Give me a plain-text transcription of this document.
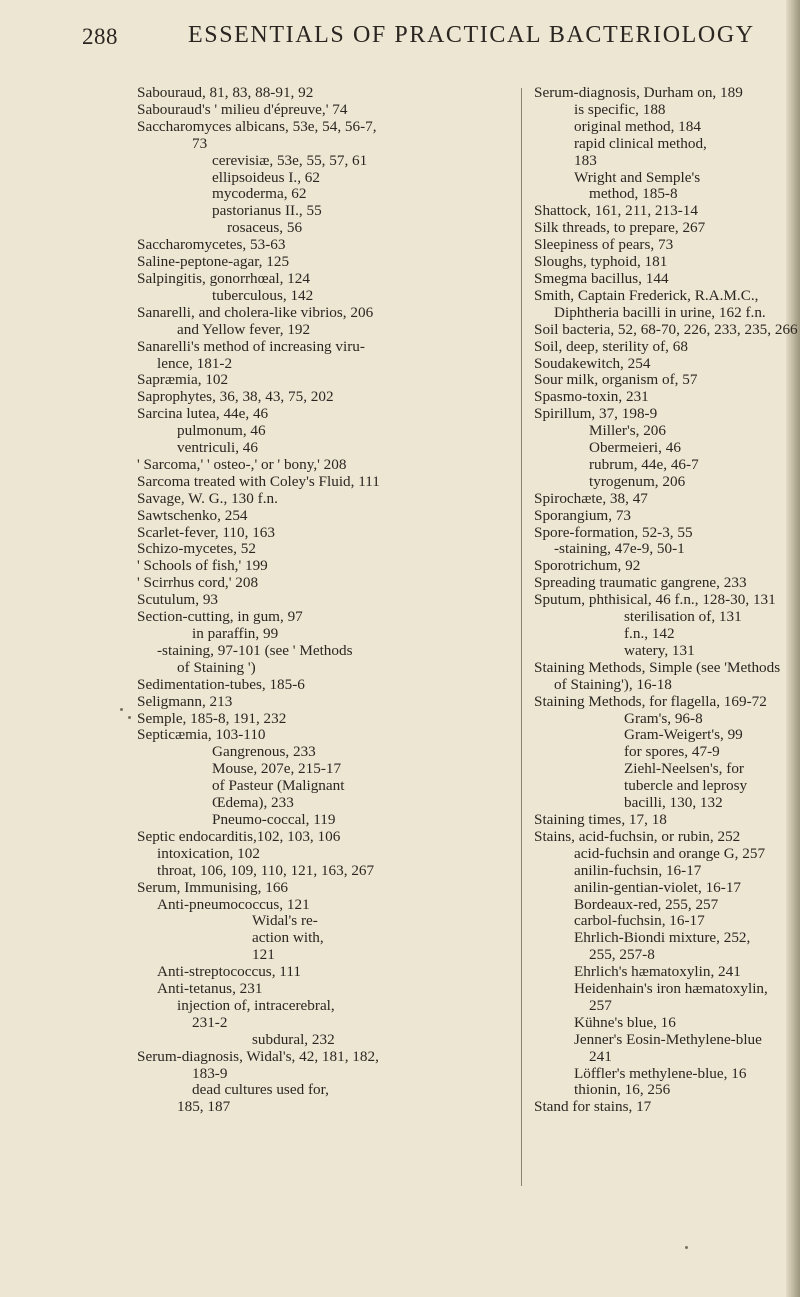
288	ESSENTIALS OF PRACTICAL BACTERIOLOGY
Sabouraud, 81, 83, 88-91, 92
Sabouraud's ' milieu d'épreuve,' 74
Saccharomyces albicans, 53e, 54, 56-7,
73
cerevisiæ, 53e, 55, 57, 61
ellipsoideus I., 62
mycoderma, 62
pastorianus II., 55
rosaceus, 56
Saccharomycetes, 53-63
Saline-peptone-agar, 125
Salpingitis, gonorrhœal, 124
tuberculous, 142
Sanarelli, and cholera-like vibrios, 206
and Yellow fever, 192
Sanarelli's method of increasing viru-
lence, 181-2
Sapræmia, 102
Saprophytes, 36, 38, 43, 75, 202
Sarcina lutea, 44e, 46
pulmonum, 46
ventriculi, 46
' Sarcoma,' ' osteo-,' or ' bony,' 208
Sarcoma treated with Coley's Fluid, 111
Savage, W. G., 130 f.n.
Sawtschenko, 254
Scarlet-fever, 110, 163
Schizo-mycetes, 52
' Schools of fish,' 199
' Scirrhus cord,' 208
Scutulum, 93
Section-cutting, in gum, 97
in paraffin, 99
-staining, 97-101 (see ' Methods
of Staining ')
Sedimentation-tubes, 185-6
Seligmann, 213
Semple, 185-8, 191, 232
Septicæmia, 103-110
Gangrenous, 233
Mouse, 207e, 215-17
of Pasteur (Malignant
Œdema), 233
Pneumo-coccal, 119
Septic endocarditis,102, 103, 106
intoxication, 102
throat, 106, 109, 110, 121, 163, 267
Serum, Immunising, 166
Anti-pneumococcus, 121
Widal's re-
action with,
121
Anti-streptococcus, 111
Anti-tetanus, 231
injection of, intracerebral,
231-2
subdural, 232
Serum-diagnosis, Widal's, 42, 181, 182,
183-9
dead cultures used for,
185, 187
Serum-diagnosis, Durham on, 189
is specific, 188
original method, 184
rapid clinical method,
183
Wright and Semple's
method, 185-8
Shattock, 161, 211, 213-14
Silk threads, to prepare, 267
Sleepiness of pears, 73
Sloughs, typhoid, 181
Smegma bacillus, 144
Smith, Captain Frederick, R.A.M.C.,
Diphtheria bacilli in urine, 162 f.n.
Soil bacteria, 52, 68-70, 226, 233, 235, 266
Soil, deep, sterility of, 68
Soudakewitch, 254
Sour milk, organism of, 57
Spasmo-toxin, 231
Spirillum, 37, 198-9
Miller's, 206
Obermeieri, 46
rubrum, 44e, 46-7
tyrogenum, 206
Spirochæte, 38, 47
Sporangium, 73
Spore-formation, 52-3, 55
-staining, 47e-9, 50-1
Sporotrichum, 92
Spreading traumatic gangrene, 233
Sputum, phthisical, 46 f.n., 128-30, 131
sterilisation of, 131
f.n., 142
watery, 131
Staining Methods, Simple (see 'Methods
of Staining'), 16-18
Staining Methods, for flagella, 169-72
Gram's, 96-8
Gram-Weigert's, 99
for spores, 47-9
Ziehl-Neelsen's, for
tubercle and leprosy
bacilli, 130, 132
Staining times, 17, 18
Stains, acid-fuchsin, or rubin, 252
acid-fuchsin and orange G, 257
anilin-fuchsin, 16-17
anilin-gentian-violet, 16-17
Bordeaux-red, 255, 257
carbol-fuchsin, 16-17
Ehrlich-Biondi mixture, 252,
255, 257-8
Ehrlich's hæmatoxylin, 241
Heidenhain's iron hæmatoxylin,
257
Kühne's blue, 16
Jenner's Eosin-Methylene-blue
241
Löffler's methylene-blue, 16
thionin, 16, 256
Stand for stains, 17
